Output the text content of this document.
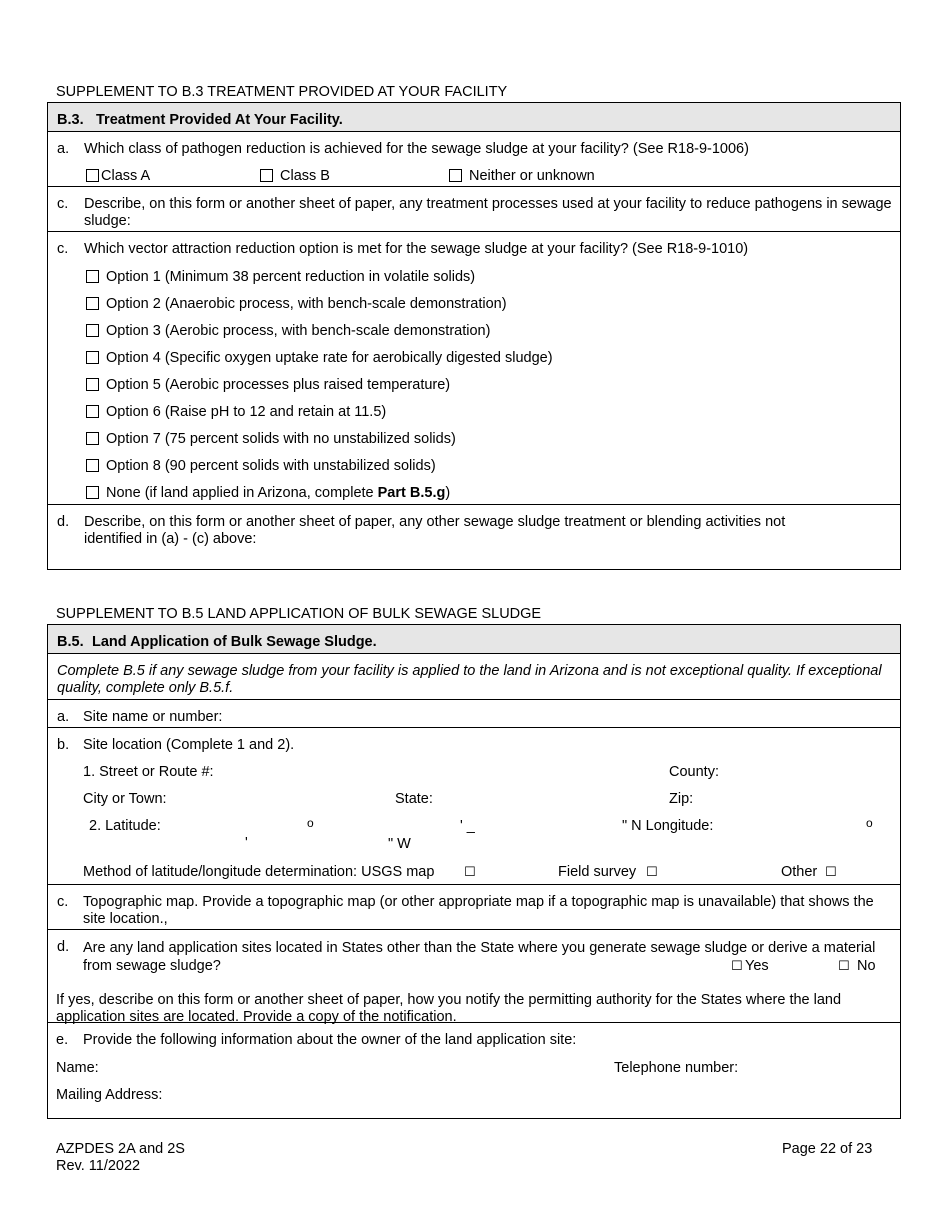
SUPPLEMENT TO B.3 TREATMENT PROVIDED AT YOUR FACILITY
B.3. Treatment Provided At Your Facility.
a. Which class of pathogen reduction is achieved for the sewage sludge at your facility? (See R18-9-1006)
Class A	Class B	Neither or unknown
c. Describe, on this form or another sheet of paper, any treatment processes used at your facility to reduce pathogens in sewage sludge:
c. Which vector attraction reduction option is met for the sewage sludge at your facility? (See R18-9-1010)
Option 1 (Minimum 38 percent reduction in volatile solids)
Option 2 (Anaerobic process, with bench-scale demonstration)
Option 3 (Aerobic process, with bench-scale demonstration)
Option 4 (Specific oxygen uptake rate for aerobically digested sludge)
Option 5 (Aerobic processes plus raised temperature)
Option 6 (Raise pH to 12 and retain at 11.5)
Option 7 (75 percent solids with no unstabilized solids)
Option 8 (90 percent solids with unstabilized solids)
None (if land applied in Arizona, complete Part B.5.g)
d. Describe, on this form or another sheet of paper, any other sewage sludge treatment or blending activities not identified in (a) - (c) above:
SUPPLEMENT TO B.5 LAND APPLICATION OF BULK SEWAGE SLUDGE
B.5. Land Application of Bulk Sewage Sludge.
Complete B.5 if any sewage sludge from your facility is applied to the land in Arizona and is not exceptional quality. If exceptional quality, complete only B.5.f.
a. Site name or number:
b. Site location (Complete 1 and 2).
1. Street or Route #:	County:
City or Town:	State:	Zip:
2. Latitude:	o	' _	" N Longitude:	o
'	" W
Method of latitude/longitude determination: USGS map ☐	Field survey ☐	Other ☐
c. Topographic map. Provide a topographic map (or other appropriate map if a topographic map is unavailable) that shows the site location.,
d. Are any land application sites located in States other than the State where you generate sewage sludge or derive a material from sewage sludge?	☐ Yes	☐ No
If yes, describe on this form or another sheet of paper, how you notify the permitting authority for the States where the land application sites are located. Provide a copy of the notification.
e. Provide the following information about the owner of the land application site:
Name:	Telephone number:
Mailing Address:
AZPDES 2A and 2S
Rev. 11/2022
Page 22 of 23
